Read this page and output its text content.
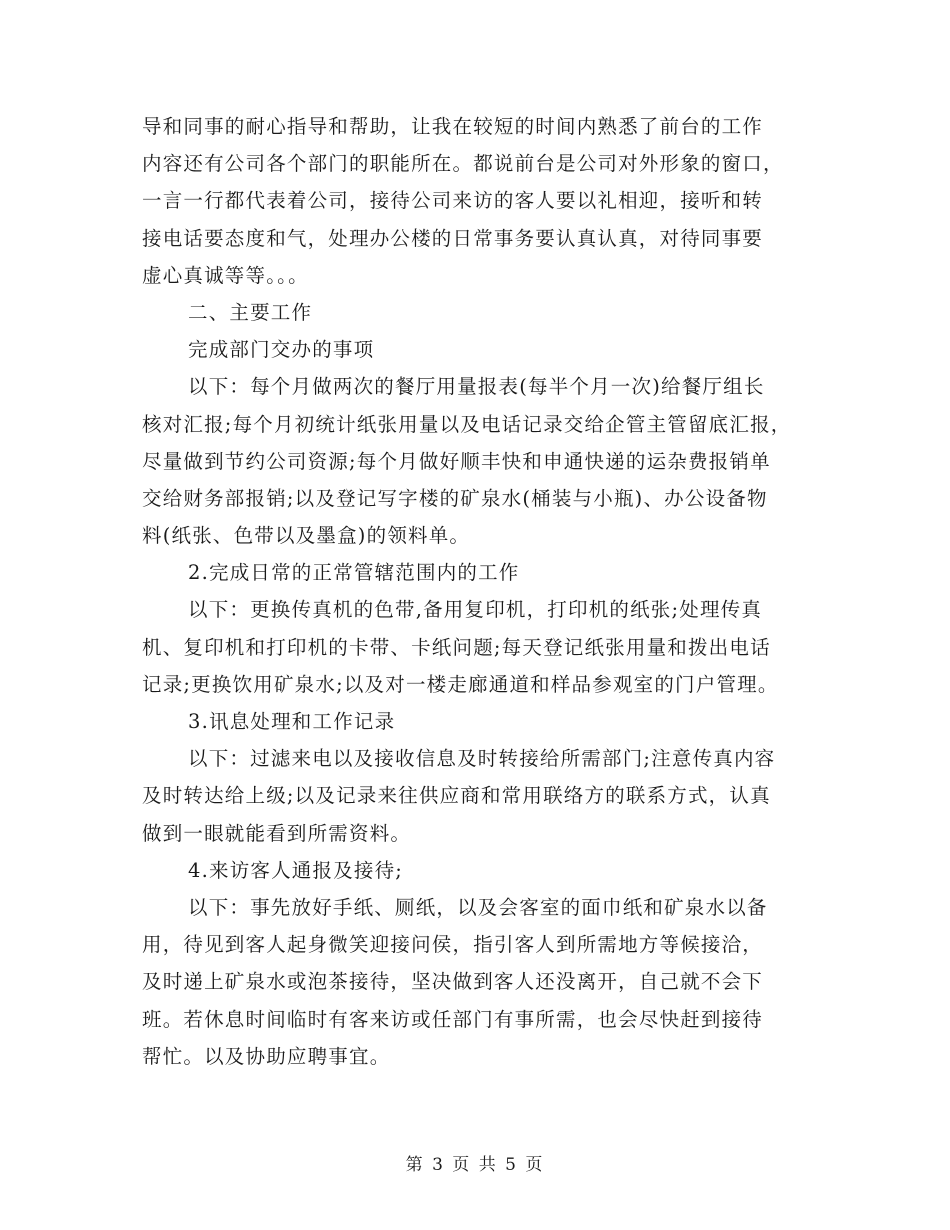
导和同事的耐心指导和帮助，让我在较短的时间内熟悉了前台的工作
内容还有公司各个部门的职能所在。都说前台是公司对外形象的窗口，
一言一行都代表着公司，接待公司来访的客人要以礼相迎，接听和转
接电话要态度和气，处理办公楼的日常事务要认真认真，对待同事要
虚心真诚等等。。。
二、主要工作
完成部门交办的事项
以下：每个月做两次的餐厅用量报表(每半个月一次)给餐厅组长
核对汇报;每个月初统计纸张用量以及电话记录交给企管主管留底汇报，
尽量做到节约公司资源;每个月做好顺丰快和申通快递的运杂费报销单
交给财务部报销;以及登记写字楼的矿泉水(桶装与小瓶)、办公设备物
料(纸张、色带以及墨盒)的领料单。
2.完成日常的正常管辖范围内的工作
以下：更换传真机的色带,备用复印机，打印机的纸张;处理传真
机、复印机和打印机的卡带、卡纸问题;每天登记纸张用量和拨出电话
记录;更换饮用矿泉水;以及对一楼走廊通道和样品参观室的门户管理。
3.讯息处理和工作记录
以下：过滤来电以及接收信息及时转接给所需部门;注意传真内容
及时转达给上级;以及记录来往供应商和常用联络方的联系方式，认真
做到一眼就能看到所需资料。
4.来访客人通报及接待;
以下：事先放好手纸、厕纸，以及会客室的面巾纸和矿泉水以备
用，待见到客人起身微笑迎接问侯，指引客人到所需地方等候接洽，
及时递上矿泉水或泡茶接待，坚决做到客人还没离开，自己就不会下
班。若休息时间临时有客来访或任部门有事所需，也会尽快赶到接待
帮忙。以及协助应聘事宜。
第 3 页 共 5 页
